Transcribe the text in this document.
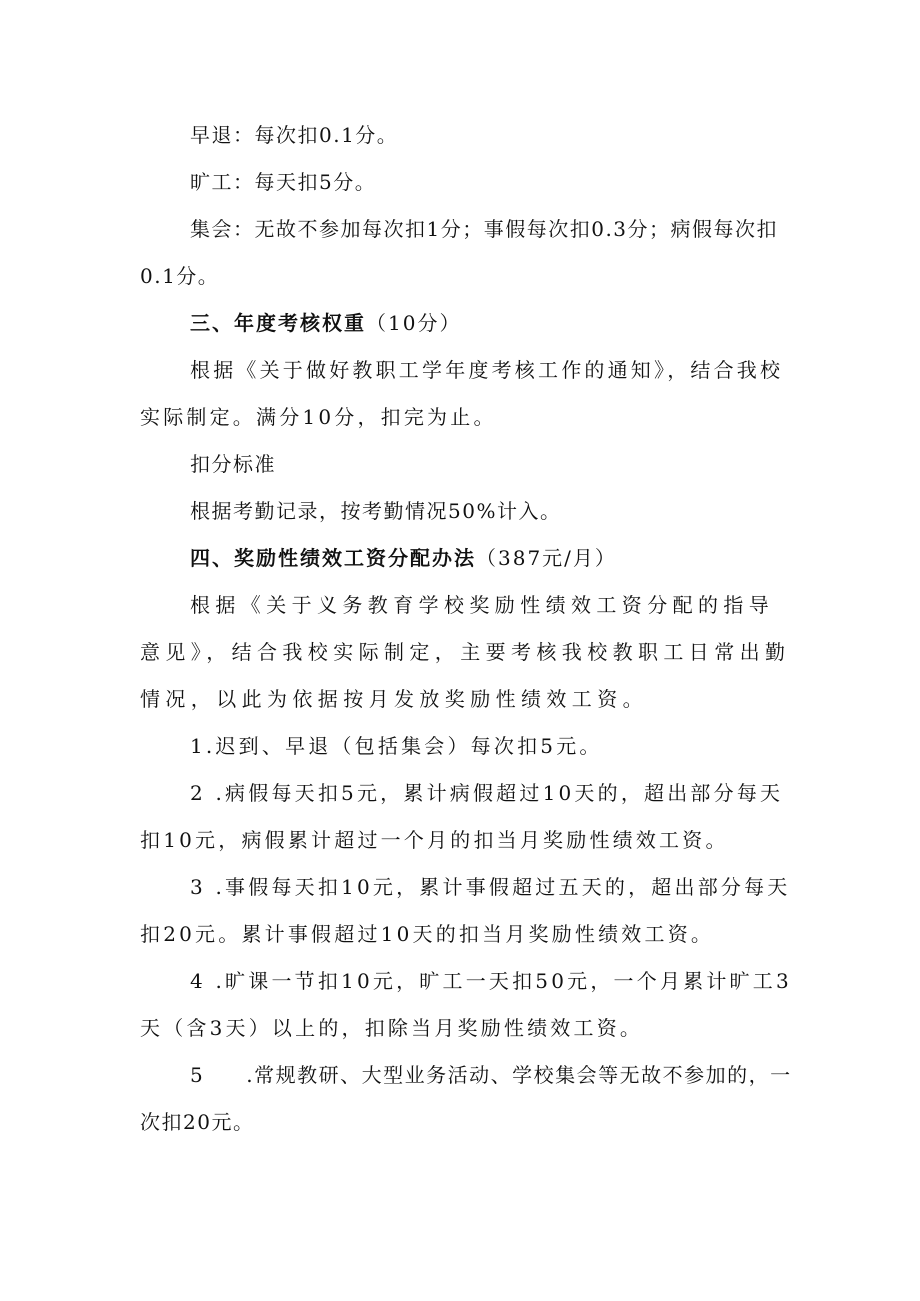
早退：每次扣0.1分。

旷工：每天扣5分。

集会：无故不参加每次扣1分；事假每次扣0.3分；病假每次扣0.1分。

三、年度考核权重（10分）

根据《关于做好教职工学年度考核工作的通知》，结合我校实际制定。满分10分，扣完为止。

扣分标准

根据考勤记录，按考勤情况50%计入。

四、奖励性绩效工资分配办法（387元/月）

根据《关于义务教育学校奖励性绩效工资分配的指导意见》，结合我校实际制定，主要考核我校教职工日常出勤情况，以此为依据按月发放奖励性绩效工资。

1.迟到、早退（包括集会）每次扣5元。

2 .病假每天扣5元，累计病假超过10天的，超出部分每天扣10元，病假累计超过一个月的扣当月奖励性绩效工资。

3 .事假每天扣10元，累计事假超过五天的，超出部分每天扣20元。累计事假超过10天的扣当月奖励性绩效工资。

4 .旷课一节扣10元，旷工一天扣50元，一个月累计旷工3天（含3天）以上的，扣除当月奖励性绩效工资。

5 .常规教研、大型业务活动、学校集会等无故不参加的，一次扣20元。
